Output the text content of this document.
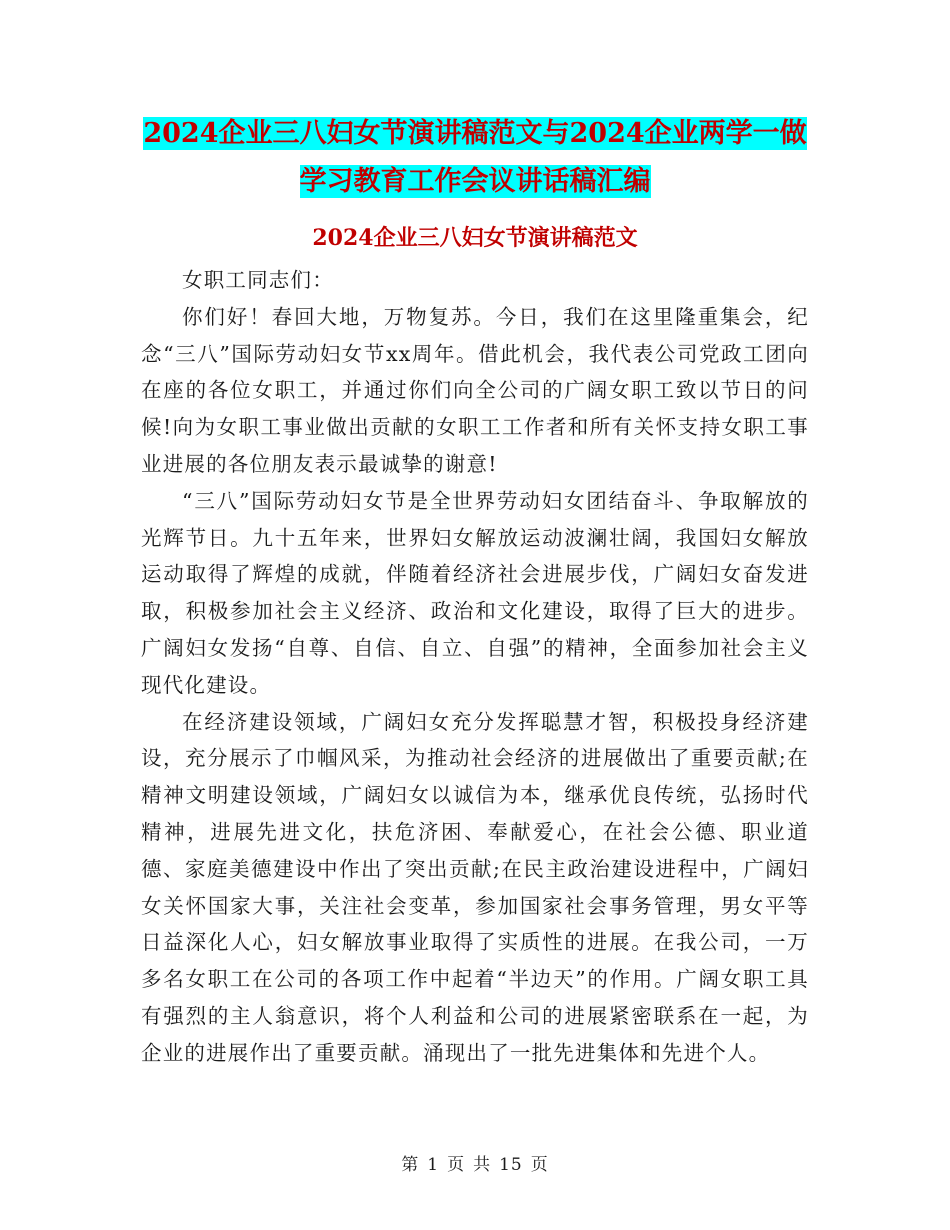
2024企业三八妇女节演讲稿范文与2024企业两学一做
学习教育工作会议讲话稿汇编
2024企业三八妇女节演讲稿范文

女职工同志们：

你们好！春回大地，万物复苏。今日，我们在这里隆重集会，纪念“三八”国际劳动妇女节xx周年。借此机会，我代表公司党政工团向在座的各位女职工，并通过你们向全公司的广阔女职工致以节日的问候!向为女职工事业做出贡献的女职工工作者和所有关怀支持女职工事业进展的各位朋友表示最诚挚的谢意!

“三八”国际劳动妇女节是全世界劳动妇女团结奋斗、争取解放的光辉节日。九十五年来，世界妇女解放运动波澜壮阔，我国妇女解放运动取得了辉煌的成就，伴随着经济社会进展步伐，广阔妇女奋发进取，积极参加社会主义经济、政治和文化建设，取得了巨大的进步。广阔妇女发扬“自尊、自信、自立、自强”的精神，全面参加社会主义现代化建设。

在经济建设领域，广阔妇女充分发挥聪慧才智，积极投身经济建设，充分展示了巾帼风采，为推动社会经济的进展做出了重要贡献;在精神文明建设领域，广阔妇女以诚信为本，继承优良传统，弘扬时代精神，进展先进文化，扶危济困、奉献爱心，在社会公德、职业道德、家庭美德建设中作出了突出贡献;在民主政治建设进程中，广阔妇女关怀国家大事，关注社会变革，参加国家社会事务管理，男女平等日益深化人心，妇女解放事业取得了实质性的进展。在我公司，一万多名女职工在公司的各项工作中起着“半边天”的作用。广阔女职工具有强烈的主人翁意识，将个人利益和公司的进展紧密联系在一起，为企业的进展作出了重要贡献。涌现出了一批先进集体和先进个人。

第 1 页 共 15 页
